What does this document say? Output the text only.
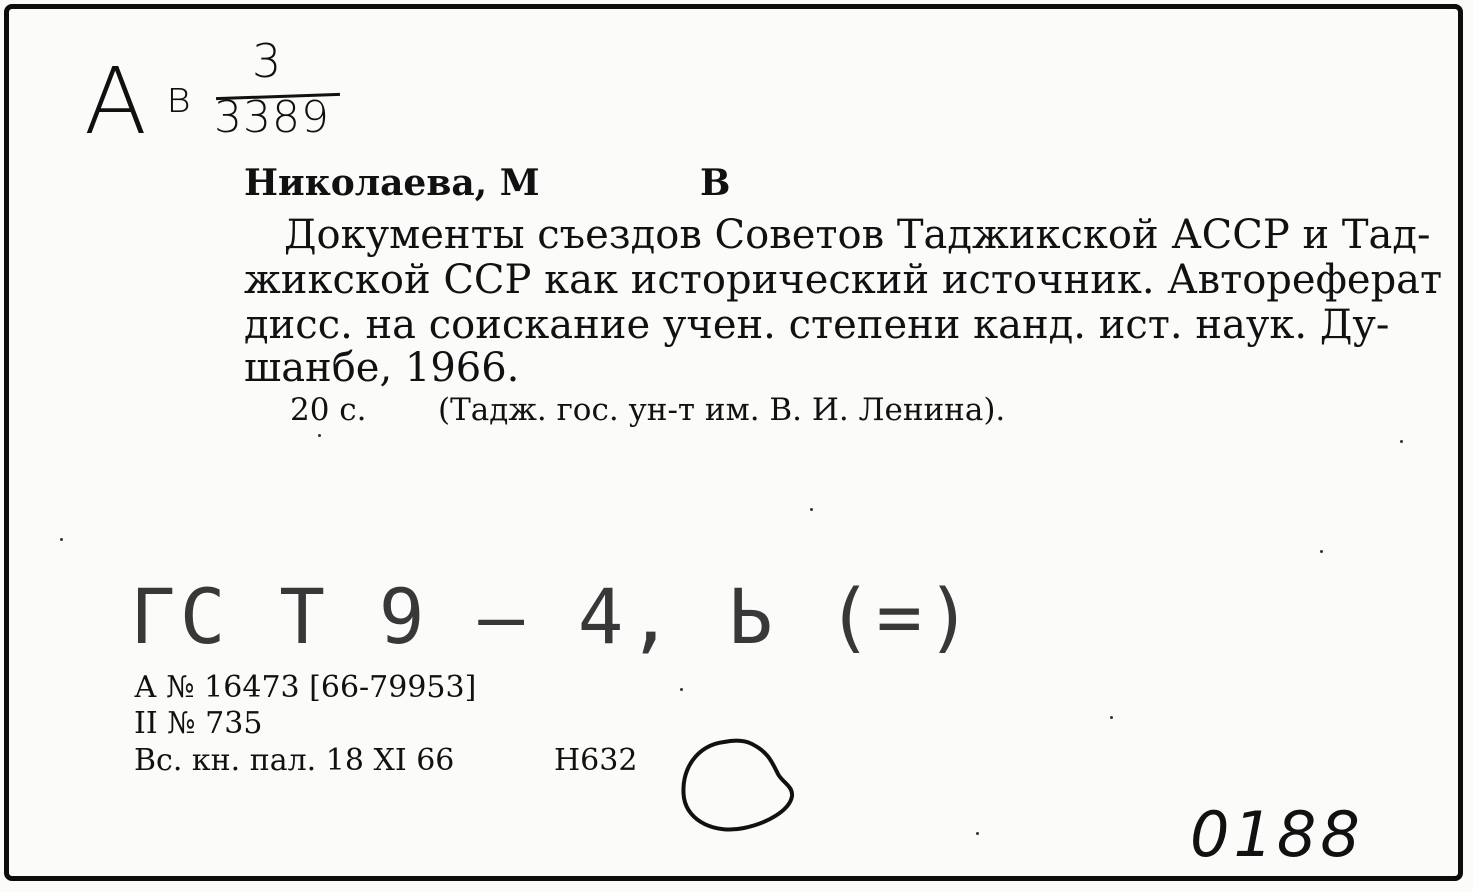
А в
3
3389
Николаева, М	В
Документы съездов Советов Таджикской АССР и Тад-
жикской ССР как исторический источник. Автореферат
дисс. на соискание учен. степени канд. ист. наук. Ду-
шанбе, 1966.
20 с. (Тадж. гос. ун-т им. В. И. Ленина).
ГС Т 9 – 4, Ь (=)
А № 16473 [66-79953]
II № 735
Вс. кн. пал. 18 XI 66	Н632
0188
